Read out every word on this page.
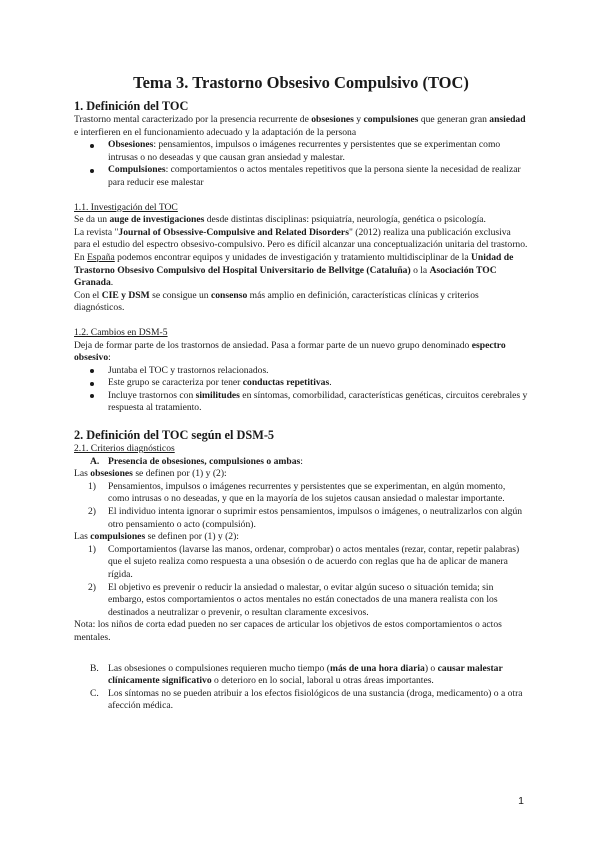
Tema 3. Trastorno Obsesivo Compulsivo (TOC)
1. Definición del TOC

Trastorno mental caracterizado por la presencia recurrente de obsesiones y compulsiones que generan gran ansiedad e interfieren en el funcionamiento adecuado y la adaptación de la persona

Obsesiones: pensamientos, impulsos o imágenes recurrentes y persistentes que se experimentan como intrusas o no deseadas y que causan gran ansiedad y malestar.
Compulsiones: comportamientos o actos mentales repetitivos que la persona siente la necesidad de realizar para reducir ese malestar

1.1. Investigación del TOC

Se da un auge de investigaciones desde distintas disciplinas: psiquiatría, neurología, genética o psicología.

La revista "Journal of Obsessive-Compulsive and Related Disorders" (2012) realiza una publicación exclusiva para el estudio del espectro obsesivo-compulsivo. Pero es difícil alcanzar una conceptualización unitaria del trastorno.

En España podemos encontrar equipos y unidades de investigación y tratamiento multidisciplinar de la Unidad de Trastorno Obsesivo Compulsivo del Hospital Universitario de Bellvitge (Cataluña) o la Asociación TOC Granada.

Con el CIE y DSM se consigue un consenso más amplio en definición, características clínicas y criterios diagnósticos.

1.2. Cambios en DSM-5

Deja de formar parte de los trastornos de ansiedad. Pasa a formar parte de un nuevo grupo denominado espectro obsesivo:

Juntaba el TOC y trastornos relacionados.
Este grupo se caracteriza por tener conductas repetitivas.
Incluye trastornos con similitudes en síntomas, comorbilidad, características genéticas, circuitos cerebrales y respuesta al tratamiento.
2. Definición del TOC según el DSM-5

2.1. Criterios diagnósticos

A. Presencia de obsesiones, compulsiones o ambas:

Las obsesiones se definen por (1) y (2):

1) Pensamientos, impulsos o imágenes recurrentes y persistentes que se experimentan, en algún momento, como intrusas o no deseadas, y que en la mayoría de los sujetos causan ansiedad o malestar importante.
2) El individuo intenta ignorar o suprimir estos pensamientos, impulsos o imágenes, o neutralizarlos con algún otro pensamiento o acto (compulsión).

Las compulsiones se definen por (1) y (2):

1) Comportamientos (lavarse las manos, ordenar, comprobar) o actos mentales (rezar, contar, repetir palabras) que el sujeto realiza como respuesta a una obsesión o de acuerdo con reglas que ha de aplicar de manera rígida.
2) El objetivo es prevenir o reducir la ansiedad o malestar, o evitar algún suceso o situación temida; sin embargo, estos comportamientos o actos mentales no están conectados de una manera realista con los destinados a neutralizar o prevenir, o resultan claramente excesivos.

Nota: los niños de corta edad pueden no ser capaces de articular los objetivos de estos comportamientos o actos mentales.

B. Las obsesiones o compulsiones requieren mucho tiempo (más de una hora diaria) o causar malestar clínicamente significativo o deterioro en lo social, laboral u otras áreas importantes.
C. Los síntomas no se pueden atribuir a los efectos fisiológicos de una sustancia (droga, medicamento) o a otra afección médica.
1
